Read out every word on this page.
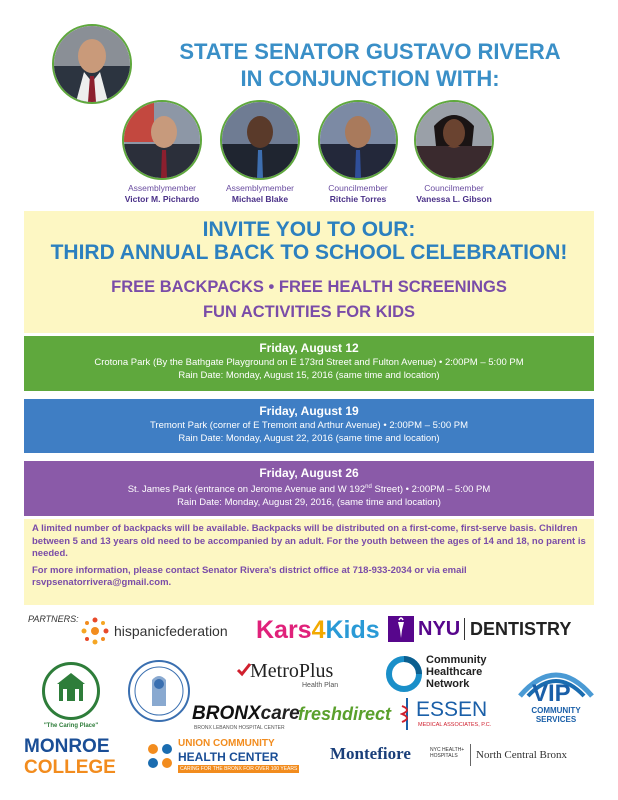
STATE SENATOR GUSTAVO RIVERA
IN CONJUNCTION WITH:
Assemblymember
Victor M. Pichardo
Assemblymember
Michael Blake
Councilmember
Ritchie Torres
Councilmember
Vanessa L. Gibson
INVITE YOU TO OUR:
THIRD ANNUAL BACK TO SCHOOL CELEBRATION!
FREE BACKPACKS • FREE HEALTH SCREENINGS
FUN ACTIVITIES FOR KIDS
Friday, August 12
Crotona Park (By the Bathgate Playground on E 173rd Street and Fulton Avenue) • 2:00PM – 5:00 PM
Rain Date: Monday, August 15, 2016 (same time and location)
Friday, August 19
Tremont Park (corner of E Tremont and Arthur Avenue) • 2:00PM – 5:00 PM
Rain Date: Monday, August 22, 2016 (same time and location)
Friday, August 26
St. James Park (entrance on Jerome Avenue and W 192nd Street) • 2:00PM – 5:00 PM
Rain Date: Monday, August 29, 2016, (same time and location)

A limited number of backpacks will be available. Backpacks will be distributed on a first-come, first-serve basis. Children between 5 and 13 years old need to be accompanied by an adult. For the youth between the ages of 14 and 18, no parent is needed.

For more information, please contact Senator Rivera's district office at 718-933-2034 or via email rsvpsenatorrivera@gmail.com.

PARTNERS:
hispanicfederation Kars4Kids NYU DENTISTRY
"The Caring Place"
MetroPlus
Health Plan
Community
Healthcare
Network	VIP
COMMUNITY
SERVICES
BRONXcare
BRONX LEBANON HOSPITAL CENTER
freshdirect ESSEN
MEDICAL ASSOCIATES, P.C.
MONROE
COLLEGE
UNION COMMUNITY
HEALTH CENTER
CARING FOR THE BRONX FOR OVER 100 YEARS
Montefiore	NYC HEALTH+ HOSPITALS	North Central Bronx
